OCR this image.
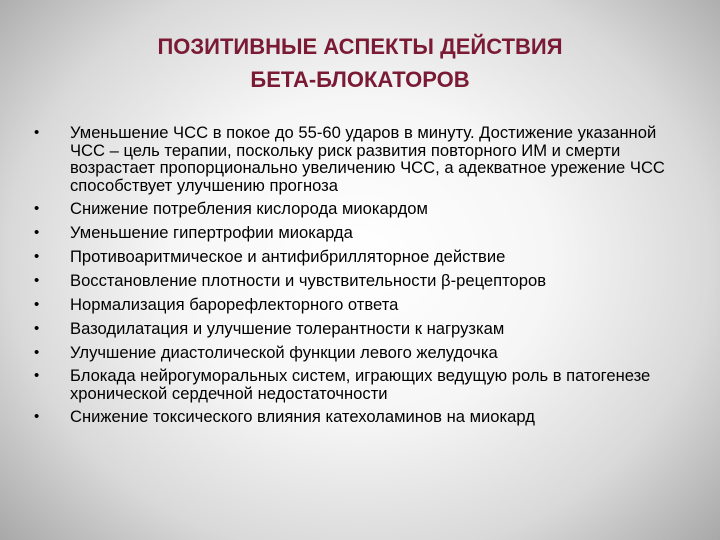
ПОЗИТИВНЫЕ АСПЕКТЫ ДЕЙСТВИЯ
БЕТА-БЛОКАТОРОВ
•	Уменьшение ЧСС в покое до 55-60 ударов в минуту. Достижение указанной ЧСС – цель терапии, поскольку риск развития повторного ИМ и смерти возрастает пропорционально увеличению ЧСС, а адекватное урежение ЧСС способствует улучшению прогноза
•	Снижение потребления кислорода миокардом
•	Уменьшение гипертрофии миокарда
•	Противоаритмическое и антифибрилляторное действие
•	Восстановление плотности и чувствительности β-рецепторов
•	Нормализация барорефлекторного ответа
•	Вазодилатация и улучшение толерантности к нагрузкам
•	Улучшение диастолической функции левого желудочка
•	Блокада нейрогуморальных систем, играющих ведущую роль в патогенезе хронической сердечной недостаточности
•	Снижение токсического влияния катехоламинов на миокард
